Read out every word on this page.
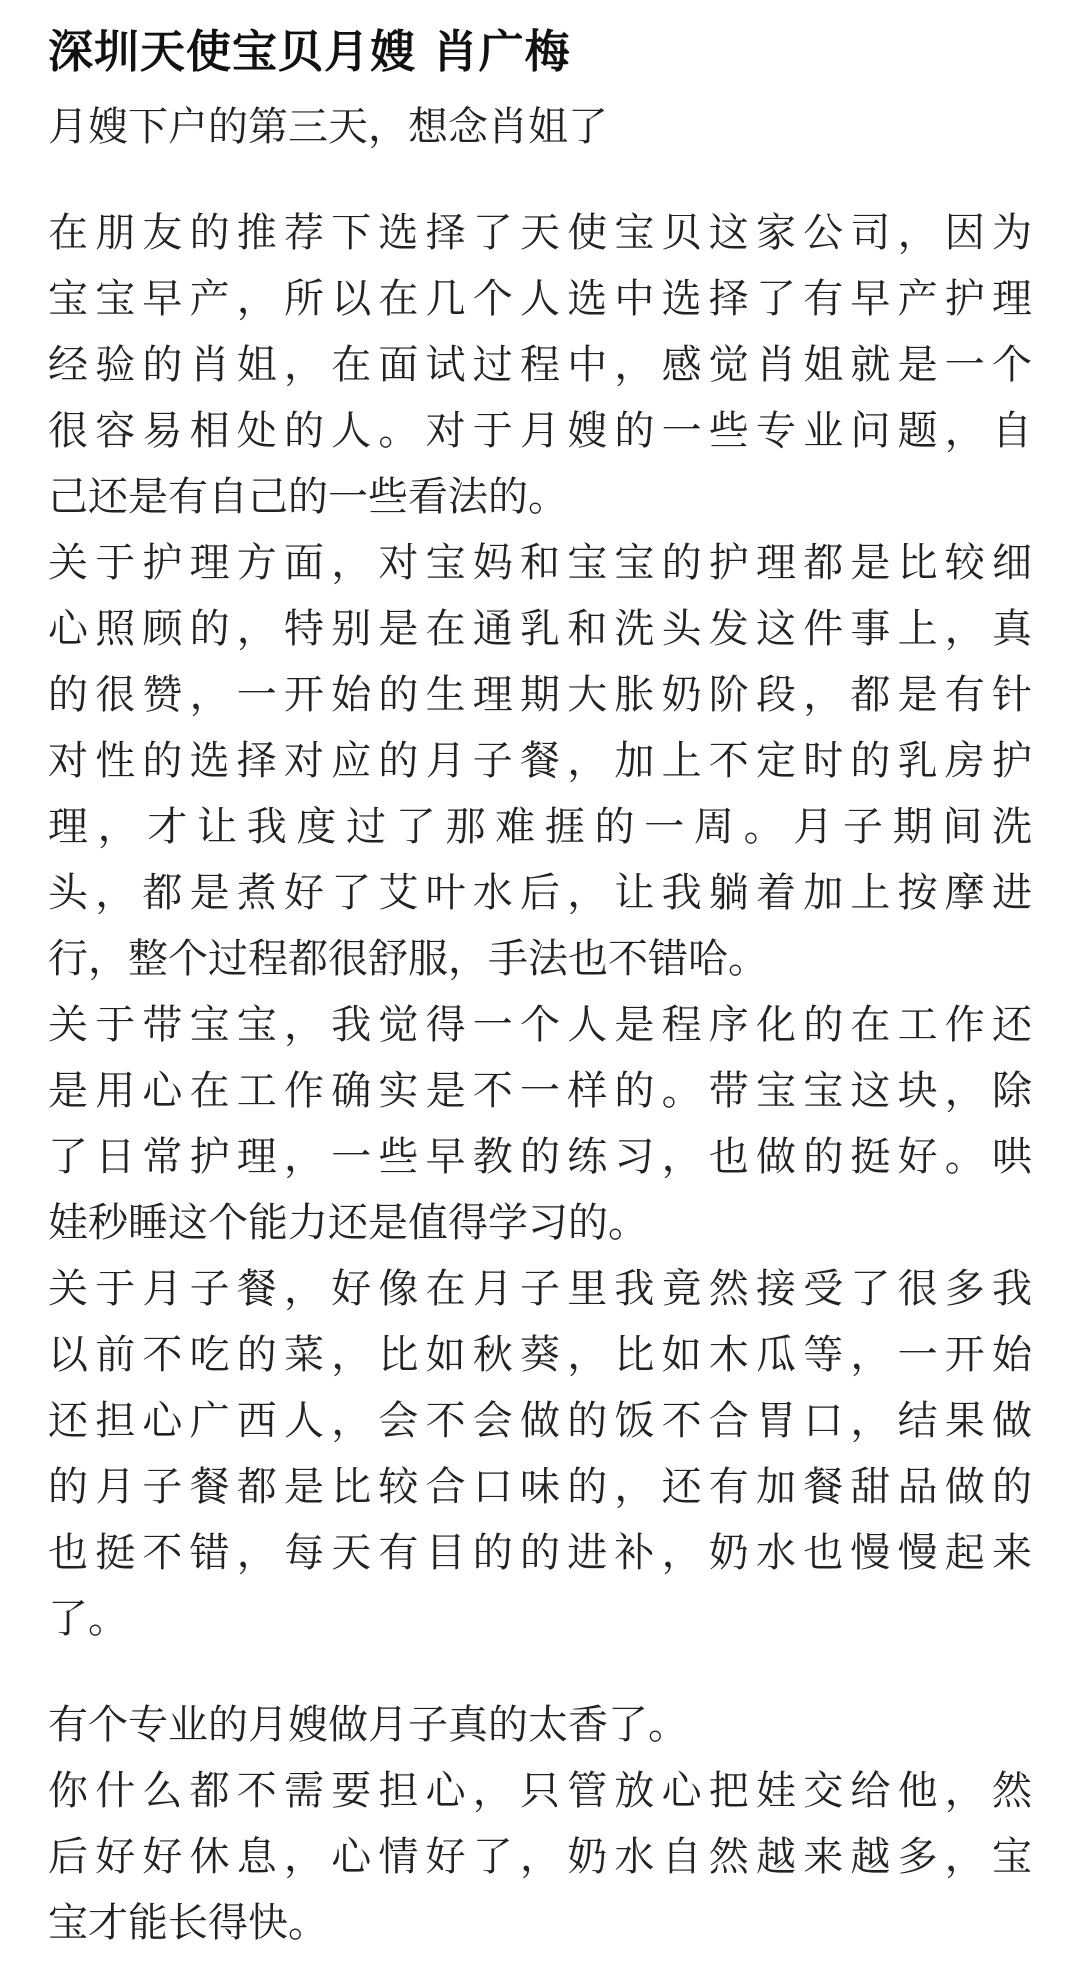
深圳天使宝贝月嫂 肖广梅
月嫂下户的第三天，想念肖姐了
在朋友的推荐下选择了天使宝贝这家公司，因为
宝宝早产，所以在几个人选中选择了有早产护理
经验的肖姐，在面试过程中，感觉肖姐就是一个
很容易相处的人。对于月嫂的一些专业问题，自
己还是有自己的一些看法的。
关于护理方面，对宝妈和宝宝的护理都是比较细
心照顾的，特别是在通乳和洗头发这件事上，真
的很赞，一开始的生理期大胀奶阶段，都是有针
对性的选择对应的月子餐，加上不定时的乳房护
理，才让我度过了那难捱的一周。月子期间洗
头，都是煮好了艾叶水后，让我躺着加上按摩进
行，整个过程都很舒服，手法也不错哈。
关于带宝宝，我觉得一个人是程序化的在工作还
是用心在工作确实是不一样的。带宝宝这块，除
了日常护理，一些早教的练习，也做的挺好。哄
娃秒睡这个能力还是值得学习的。
关于月子餐，好像在月子里我竟然接受了很多我
以前不吃的菜，比如秋葵，比如木瓜等，一开始
还担心广西人，会不会做的饭不合胃口，结果做
的月子餐都是比较合口味的，还有加餐甜品做的
也挺不错，每天有目的的进补，奶水也慢慢起来
了。
有个专业的月嫂做月子真的太香了。
你什么都不需要担心，只管放心把娃交给他，然
后好好休息，心情好了，奶水自然越来越多，宝
宝才能长得快。
